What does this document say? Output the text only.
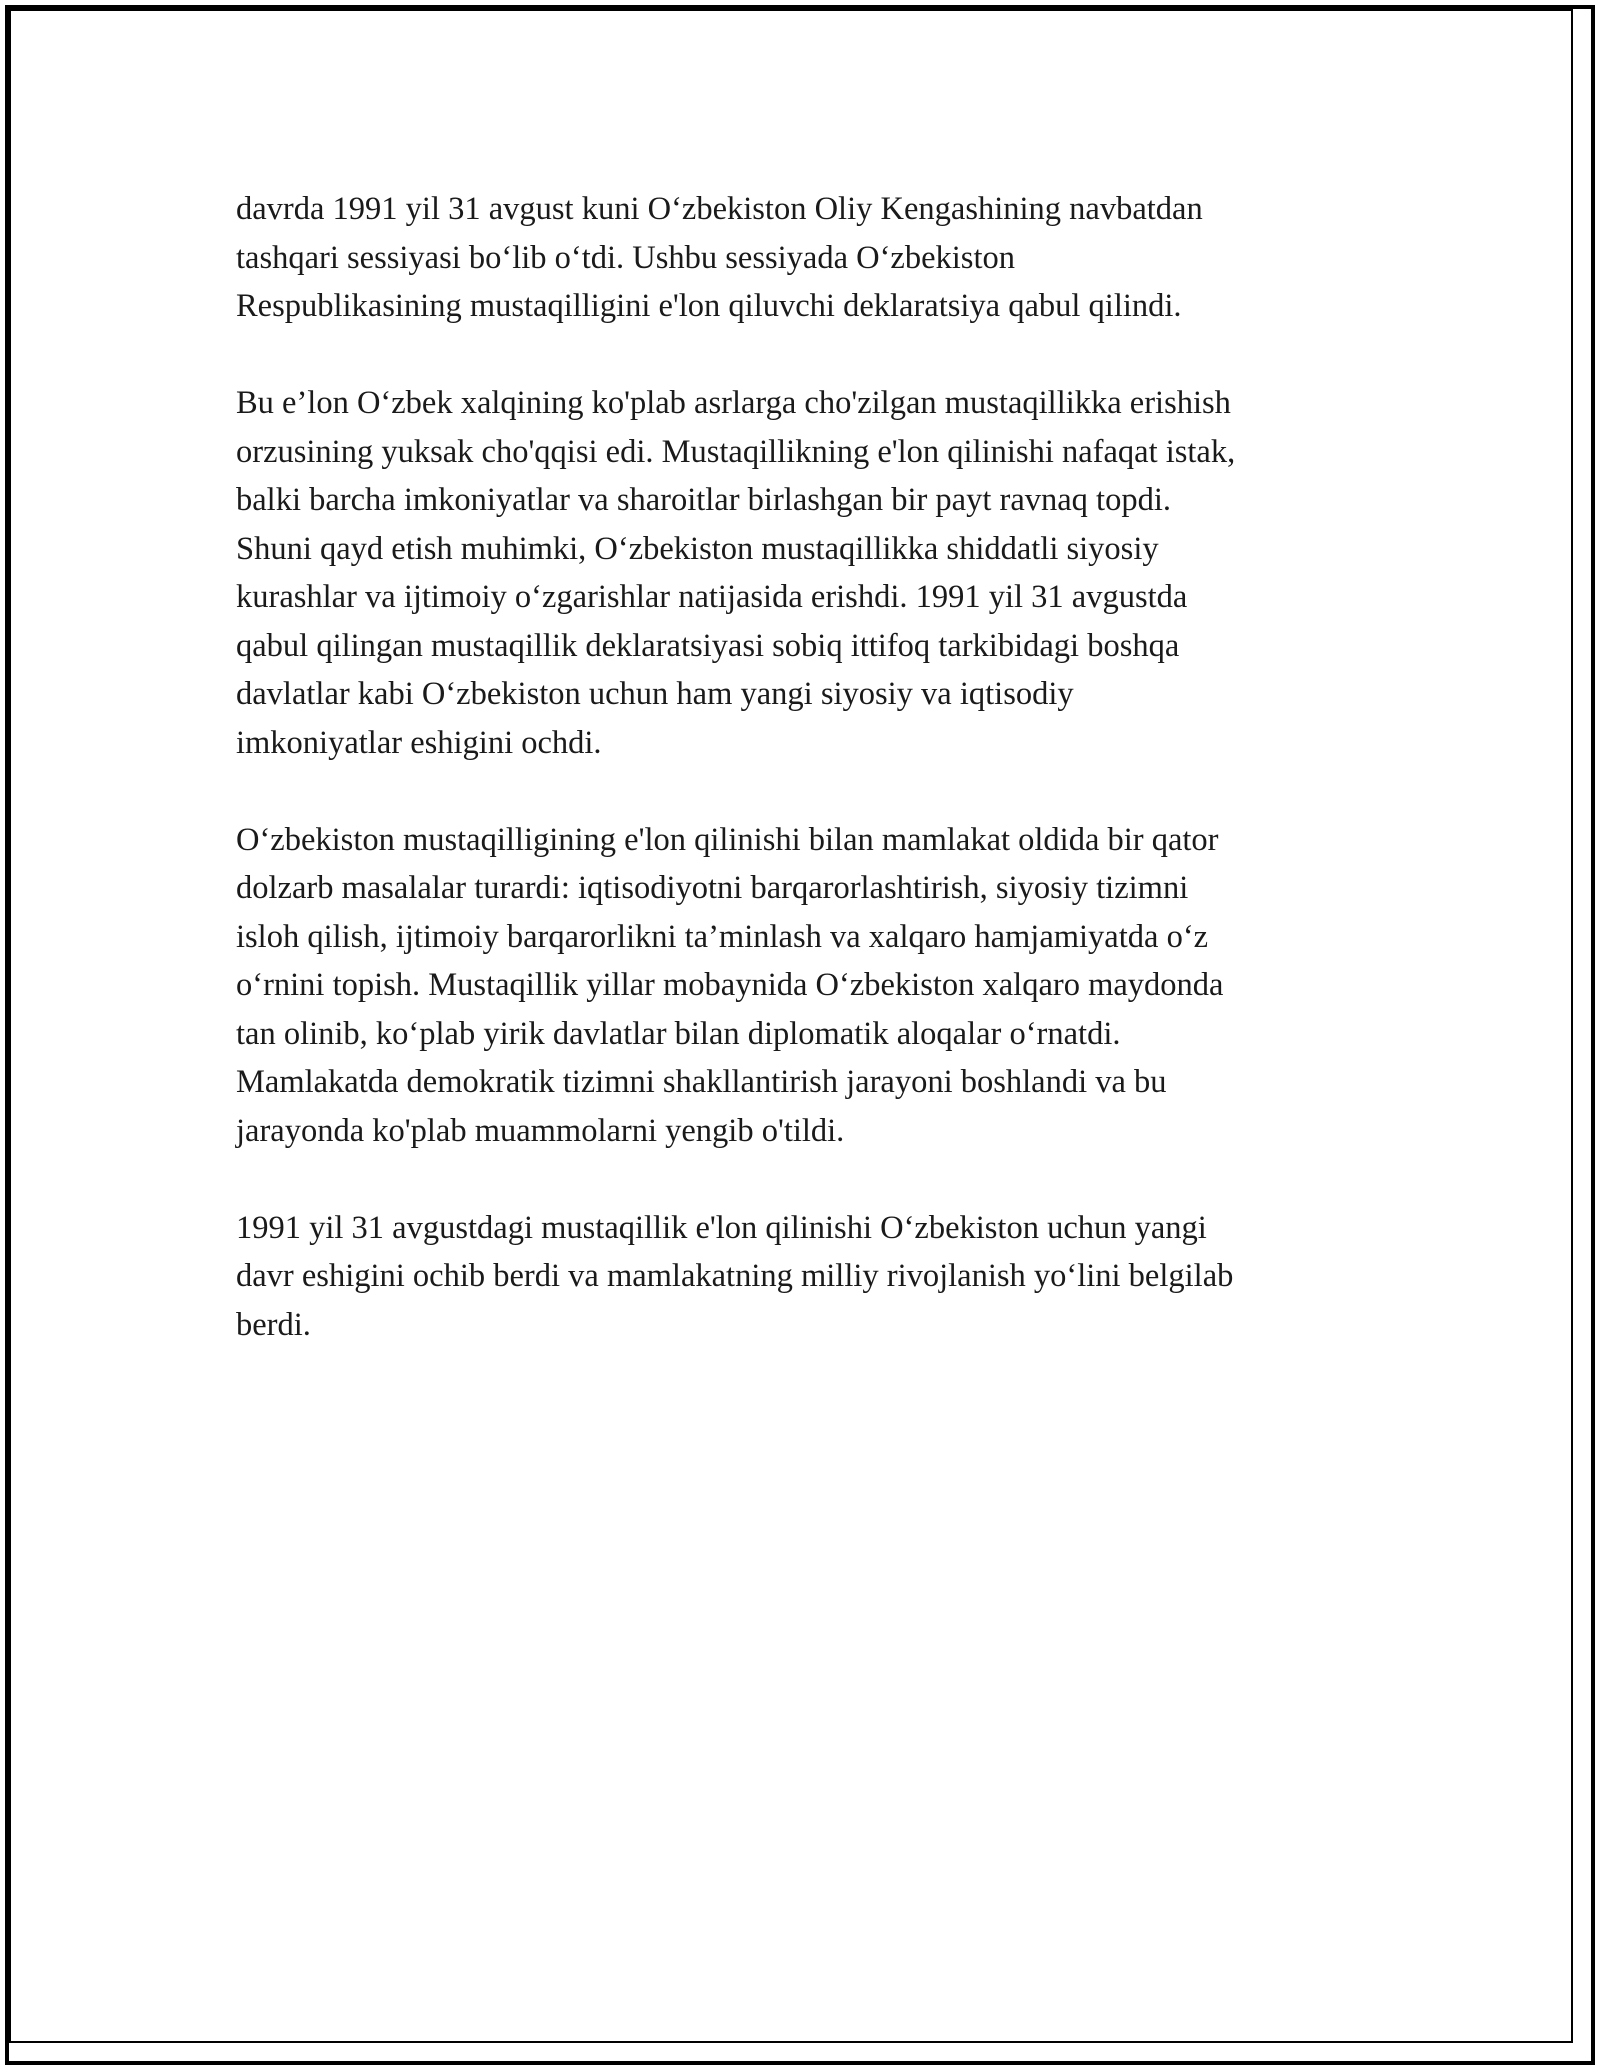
davrda 1991 yil 31 avgust kuni O‘zbekiston Oliy Kengashining navbatdan
tashqari sessiyasi bo‘lib o‘tdi. Ushbu sessiyada O‘zbekiston
Respublikasining mustaqilligini e'lon qiluvchi deklaratsiya qabul qilindi.

Bu e’lon O‘zbek xalqining ko'plab asrlarga cho'zilgan mustaqillikka erishish
orzusining yuksak cho'qqisi edi. Mustaqillikning e'lon qilinishi nafaqat istak,
balki barcha imkoniyatlar va sharoitlar birlashgan bir payt ravnaq topdi.
Shuni qayd etish muhimki, O‘zbekiston mustaqillikka shiddatli siyosiy
kurashlar va ijtimoiy o‘zgarishlar natijasida erishdi. 1991 yil 31 avgustda
qabul qilingan mustaqillik deklaratsiyasi sobiq ittifoq tarkibidagi boshqa
davlatlar kabi O‘zbekiston uchun ham yangi siyosiy va iqtisodiy
imkoniyatlar eshigini ochdi.

O‘zbekiston mustaqilligining e'lon qilinishi bilan mamlakat oldida bir qator
dolzarb masalalar turardi: iqtisodiyotni barqarorlashtirish, siyosiy tizimni
isloh qilish, ijtimoiy barqarorlikni ta’minlash va xalqaro hamjamiyatda o‘z
o‘rnini topish. Mustaqillik yillar mobaynida O‘zbekiston xalqaro maydonda
tan olinib, ko‘plab yirik davlatlar bilan diplomatik aloqalar o‘rnatdi.
Mamlakatda demokratik tizimni shakllantirish jarayoni boshlandi va bu
jarayonda ko'plab muammolarni yengib o'tildi.

1991 yil 31 avgustdagi mustaqillik e'lon qilinishi O‘zbekiston uchun yangi
davr eshigini ochib berdi va mamlakatning milliy rivojlanish yo‘lini belgilab
berdi.
